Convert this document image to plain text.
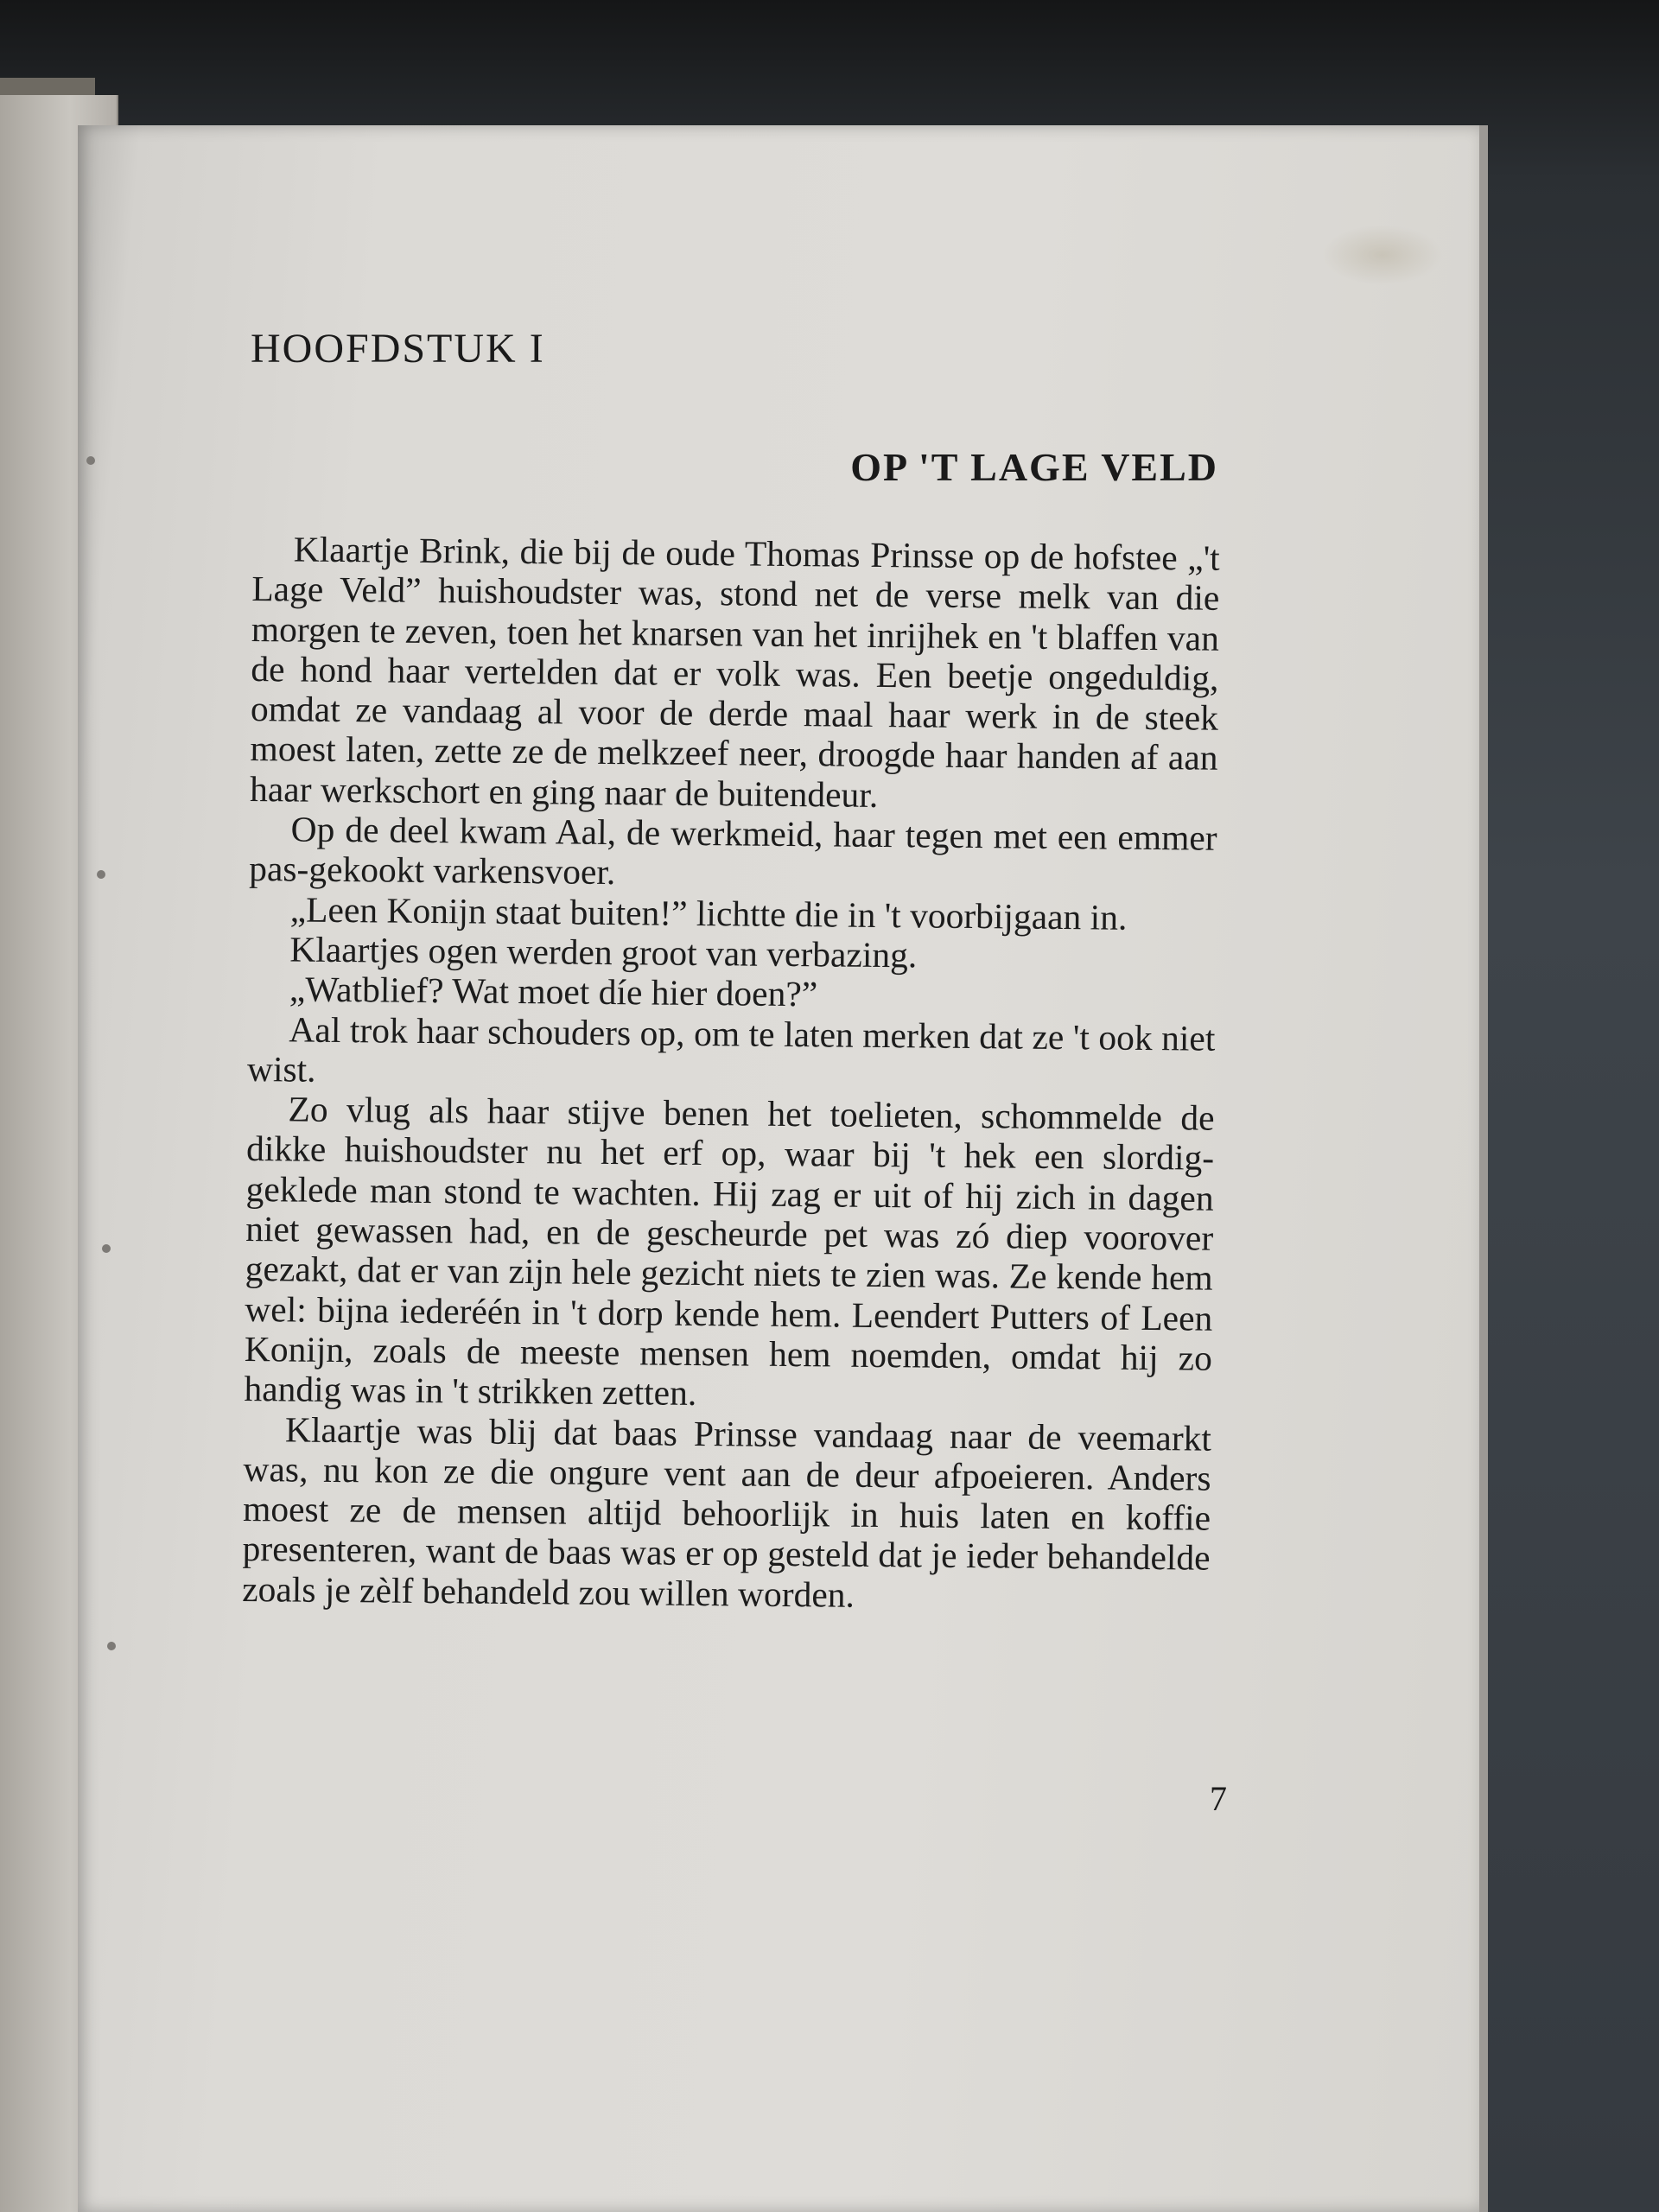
HOOFDSTUK I
OP 'T LAGE VELD

Klaartje Brink, die bij de oude Thomas Prinsse op de hofstee „'t Lage Veld” huishoudster was, stond net de verse melk van die morgen te zeven, toen het knarsen van het inrijhek en 't blaffen van de hond haar vertelden dat er volk was. Een beetje ongeduldig, omdat ze vandaag al voor de derde maal haar werk in de steek moest laten, zette ze de melkzeef neer, droogde haar handen af aan haar werkschort en ging naar de buitendeur.

Op de deel kwam Aal, de werkmeid, haar tegen met een emmer pas-gekookt varkensvoer.

„Leen Konijn staat buiten!” lichtte die in 't voorbijgaan in.

Klaartjes ogen werden groot van verbazing.

„Watblief? Wat moet díe hier doen?”

Aal trok haar schouders op, om te laten merken dat ze 't ook niet wist.

Zo vlug als haar stijve benen het toelieten, schommelde de dikke huishoudster nu het erf op, waar bij 't hek een slordig-geklede man stond te wachten. Hij zag er uit of hij zich in dagen niet gewassen had, en de gescheurde pet was zó diep voorover gezakt, dat er van zijn hele gezicht niets te zien was. Ze kende hem wel: bijna iederéén in 't dorp kende hem. Leendert Putters of Leen Konijn, zoals de meeste mensen hem noemden, omdat hij zo handig was in 't strikken zetten.

Klaartje was blij dat baas Prinsse vandaag naar de veemarkt was, nu kon ze die ongure vent aan de deur afpoeieren. Anders moest ze de mensen altijd behoorlijk in huis laten en koffie presenteren, want de baas was er op gesteld dat je ieder behandelde zoals je zèlf behandeld zou willen worden.

7
